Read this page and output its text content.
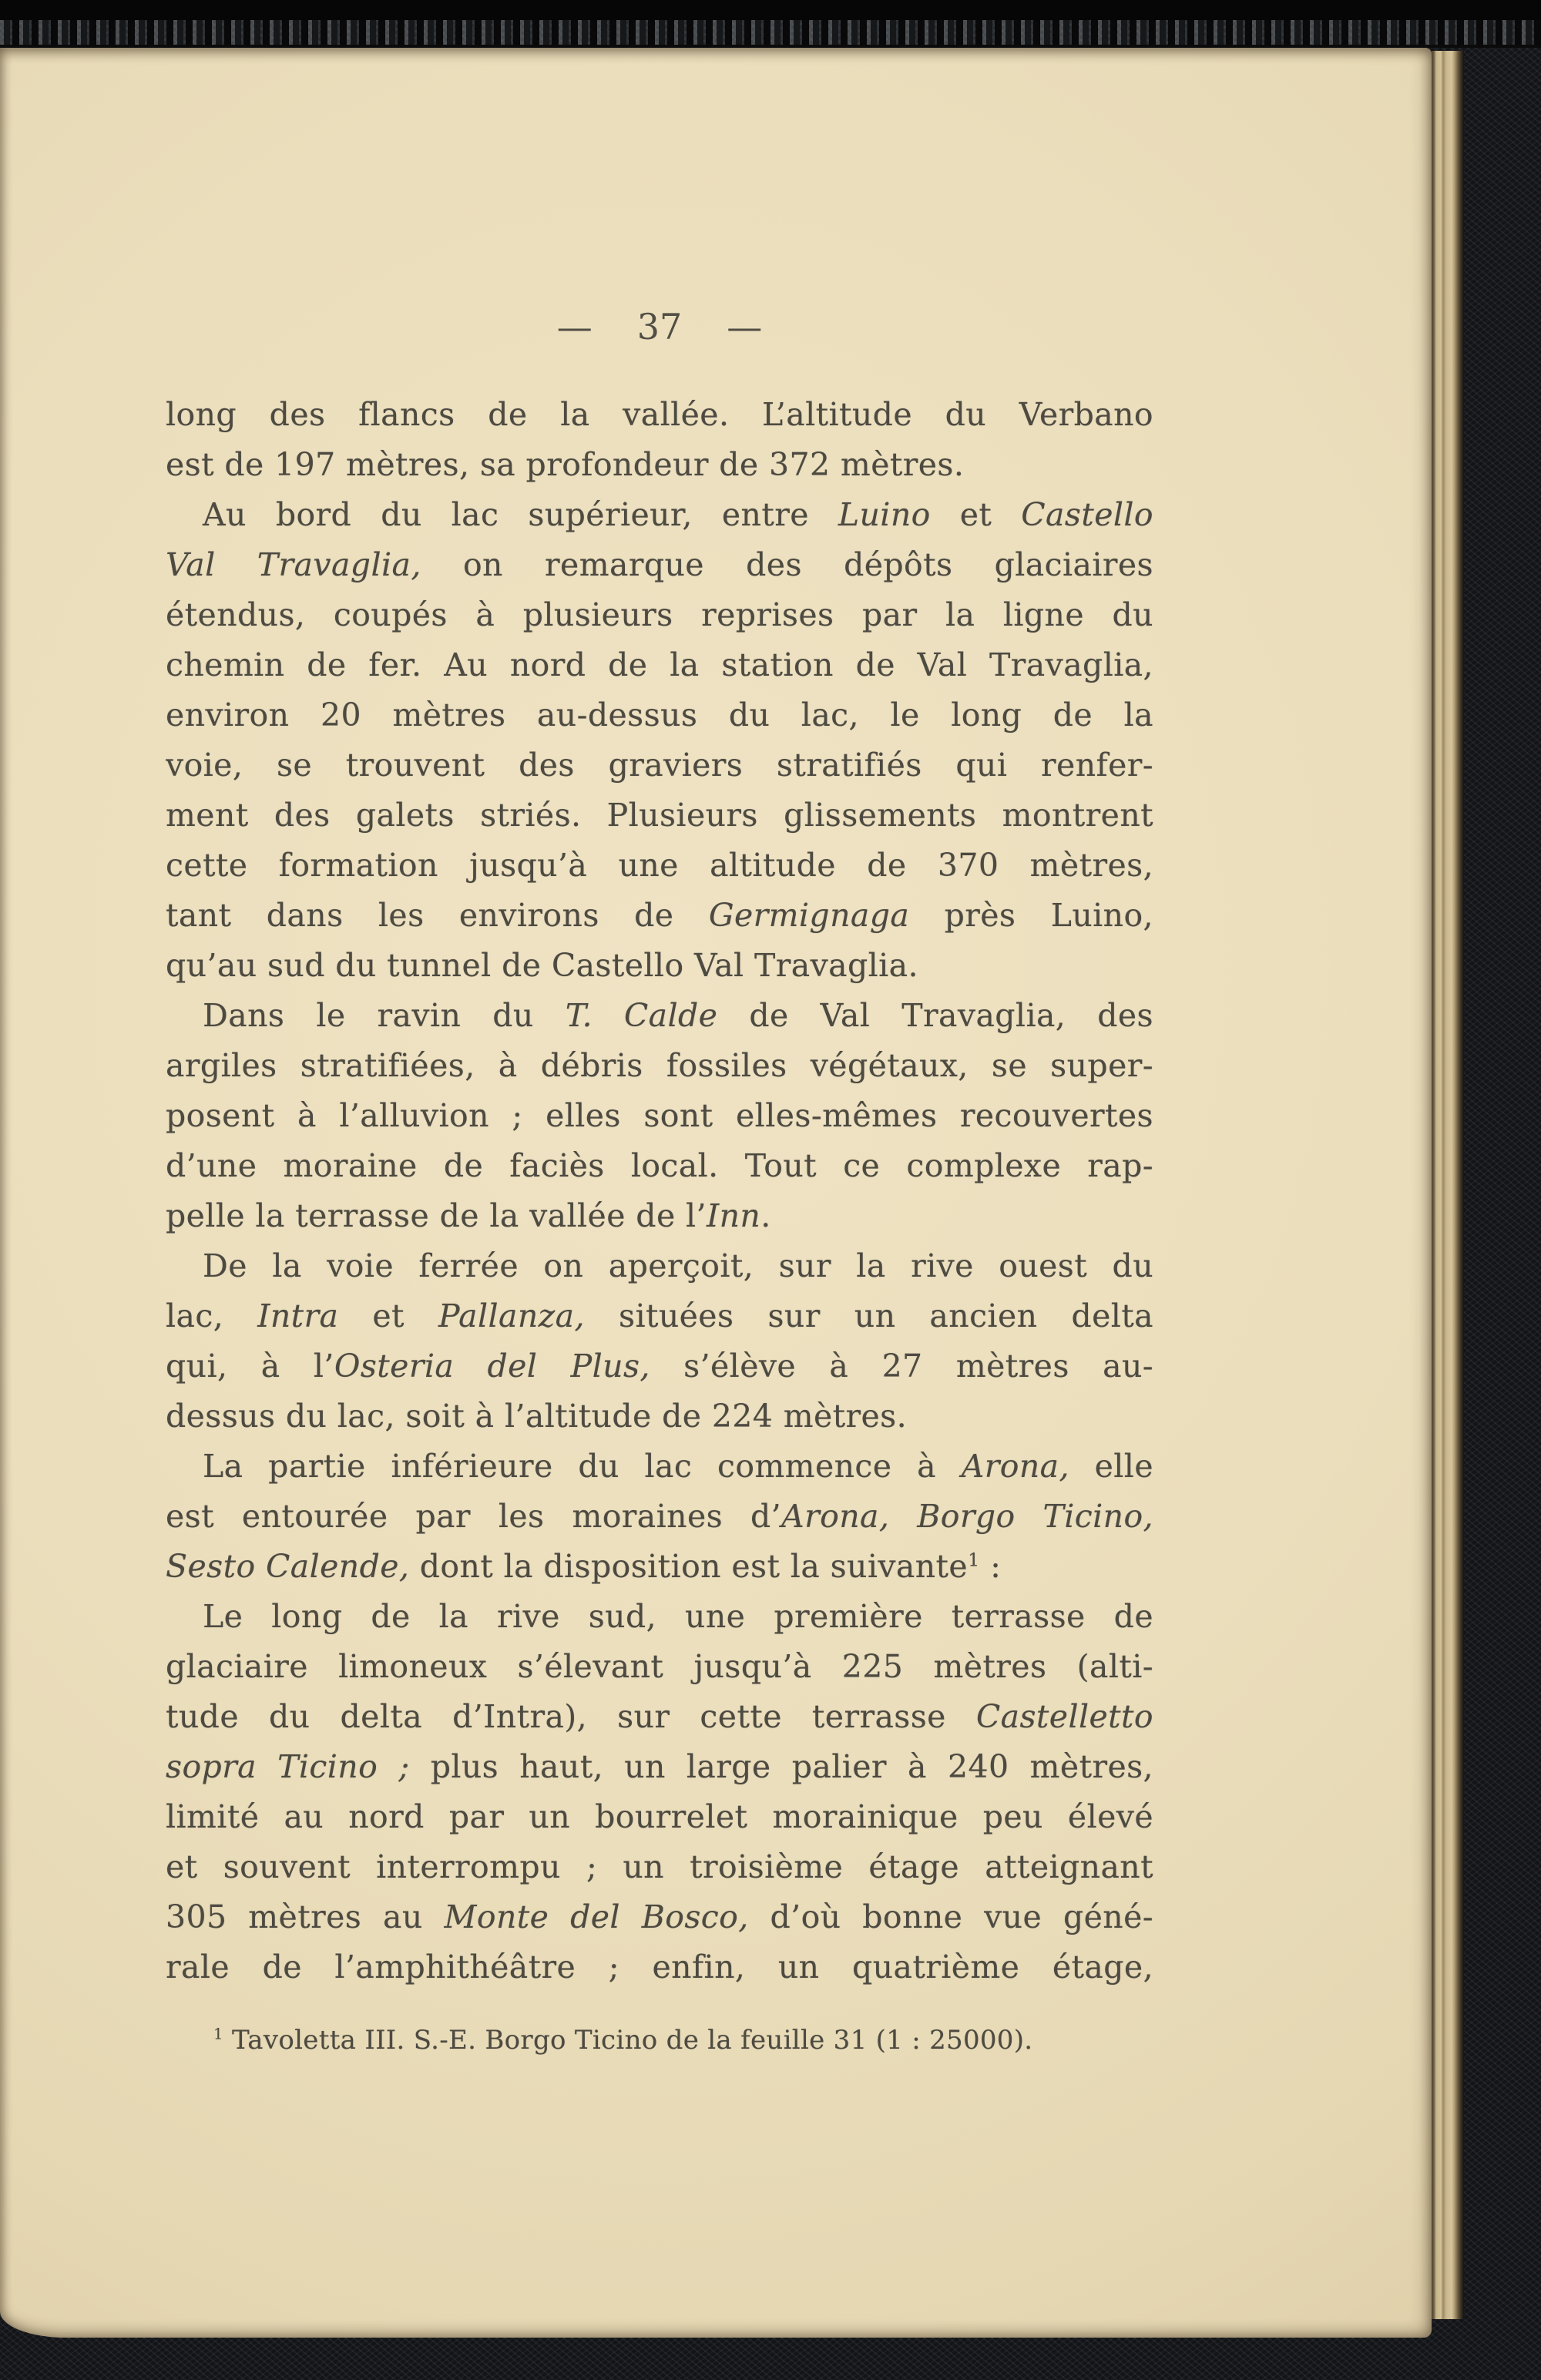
— 37 —
long des flancs de la vallée. L’altitude du Verbano
est de 197 mètres, sa profondeur de 372 mètres.
Au bord du lac supérieur, entre Luino et Castello
Val Travaglia, on remarque des dépôts glaciaires
étendus, coupés à plusieurs reprises par la ligne du
chemin de fer. Au nord de la station de Val Travaglia,
environ 20 mètres au-dessus du lac, le long de la
voie, se trouvent des graviers stratifiés qui renfer-
ment des galets striés. Plusieurs glissements montrent
cette formation jusqu’à une altitude de 370 mètres,
tant dans les environs de Germignaga près Luino,
qu’au sud du tunnel de Castello Val Travaglia.
Dans le ravin du T. Calde de Val Travaglia, des
argiles stratifiées, à débris fossiles végétaux, se super-
posent à l’alluvion ; elles sont elles-mêmes recouvertes
d’une moraine de faciès local. Tout ce complexe rap-
pelle la terrasse de la vallée de l’Inn.
De la voie ferrée on aperçoit, sur la rive ouest du
lac, Intra et Pallanza, situées sur un ancien delta
qui, à l’Osteria del Plus, s’élève à 27 mètres au-
dessus du lac, soit à l’altitude de 224 mètres.
La partie inférieure du lac commence à Arona, elle
est entourée par les moraines d’Arona, Borgo Ticino,
Sesto Calende, dont la disposition est la suivante$^1$ :
Le long de la rive sud, une première terrasse de
glaciaire limoneux s’élevant jusqu’à 225 mètres (alti-
tude du delta d’Intra), sur cette terrasse Castelletto
sopra Ticino ; plus haut, un large palier à 240 mètres,
limité au nord par un bourrelet morainique peu élevé
et souvent interrompu ; un troisième étage atteignant
305 mètres au Monte del Bosco, d’où bonne vue géné-
rale de l’amphithéâtre ; enfin, un quatrième étage,
$^1$ Tavoletta III. S.-E. Borgo Ticino de la feuille 31 (1 : 25000).
